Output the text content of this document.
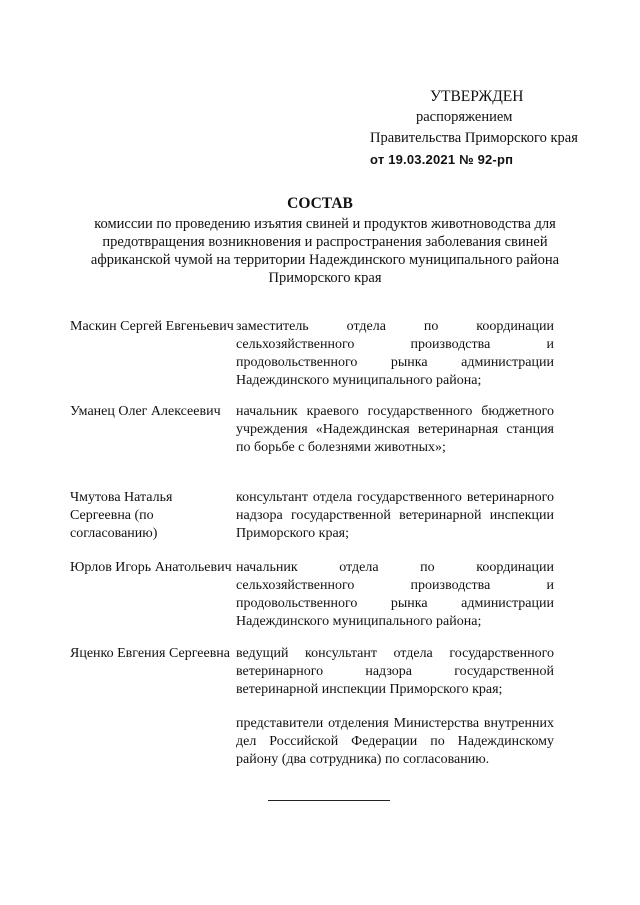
УТВЕРЖДЕН
распоряжением
Правительства Приморского края
от 19.03.2021 № 92-рп
СОСТАВ
комиссии по проведению изъятия свиней и продуктов животноводства для предотвращения возникновения и распространения заболевания свиней африканской чумой на территории Надеждинского муниципального района Приморского края
Маскин Сергей Евгеньевич заместитель отдела по координации сельхозяйственного производства и продовольственного рынка администрации Надеждинского муниципального района;
Уманец Олег Алексеевич	начальник краевого государственного бюджетного учреждения «Надеждинская ветеринарная станция по борьбе с болезнями животных»;
Чмутова Наталья Сергеевна (по согласованию)
консультант отдела государственного ветеринарного надзора государственной ветеринарной инспекции Приморского края;
Юрлов Игорь Анатольевич начальник отдела по координации сельхозяйственного производства и продовольственного рынка администрации Надеждинского муниципального района;
Яценко Евгения Сергеевна ведущий консультант отдела государственного ветеринарного надзора государственной ветеринарной инспекции Приморского края;
представители отделения Министерства внутренних дел Российской Федерации по Надеждинскому району (два сотрудника) по согласованию.
